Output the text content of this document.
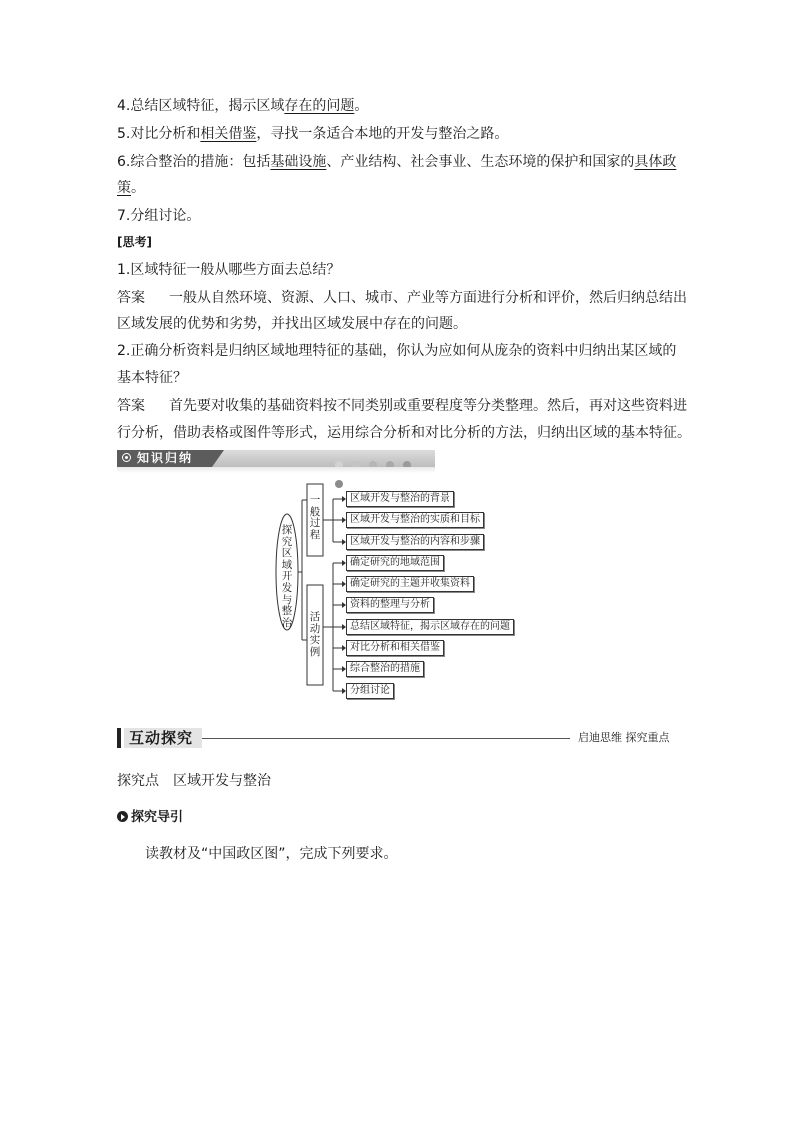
4.总结区域特征，揭示区域存在的问题。
5.对比分析和相关借鉴，寻找一条适合本地的开发与整治之路。
6.综合整治的措施：包括基础设施、产业结构、社会事业、生态环境的保护和国家的具体政
策。
7.分组讨论。
[思考]
1.区域特征一般从哪些方面去总结？
答案 一般从自然环境、资源、人口、城市、产业等方面进行分析和评价，然后归纳总结出
区域发展的优势和劣势，并找出区域发展中存在的问题。
2.正确分析资料是归纳区域地理特征的基础，你认为应如何从庞杂的资料中归纳出某区域的
基本特征？
答案 首先要对收集的基础资料按不同类别或重要程度等分类整理。然后，再对这些资料进
行分析，借助表格或图件等形式，运用综合分析和对比分析的方法，归纳出区域的基本特征。
知识归纳
探究区域开发与整治
一般过程
活动实例
区域开发与整治的背景
区域开发与整治的实质和目标
区域开发与整治的内容和步骤
确定研究的地域范围
确定研究的主题并收集资料
资料的整理与分析
总结区域特征，揭示区域存在的问题
对比分析和相关借鉴
综合整治的措施
分组讨论
互动探究	启迪思维 探究重点
探究点　区域开发与整治
探究导引
读教材及“中国政区图”，完成下列要求。
